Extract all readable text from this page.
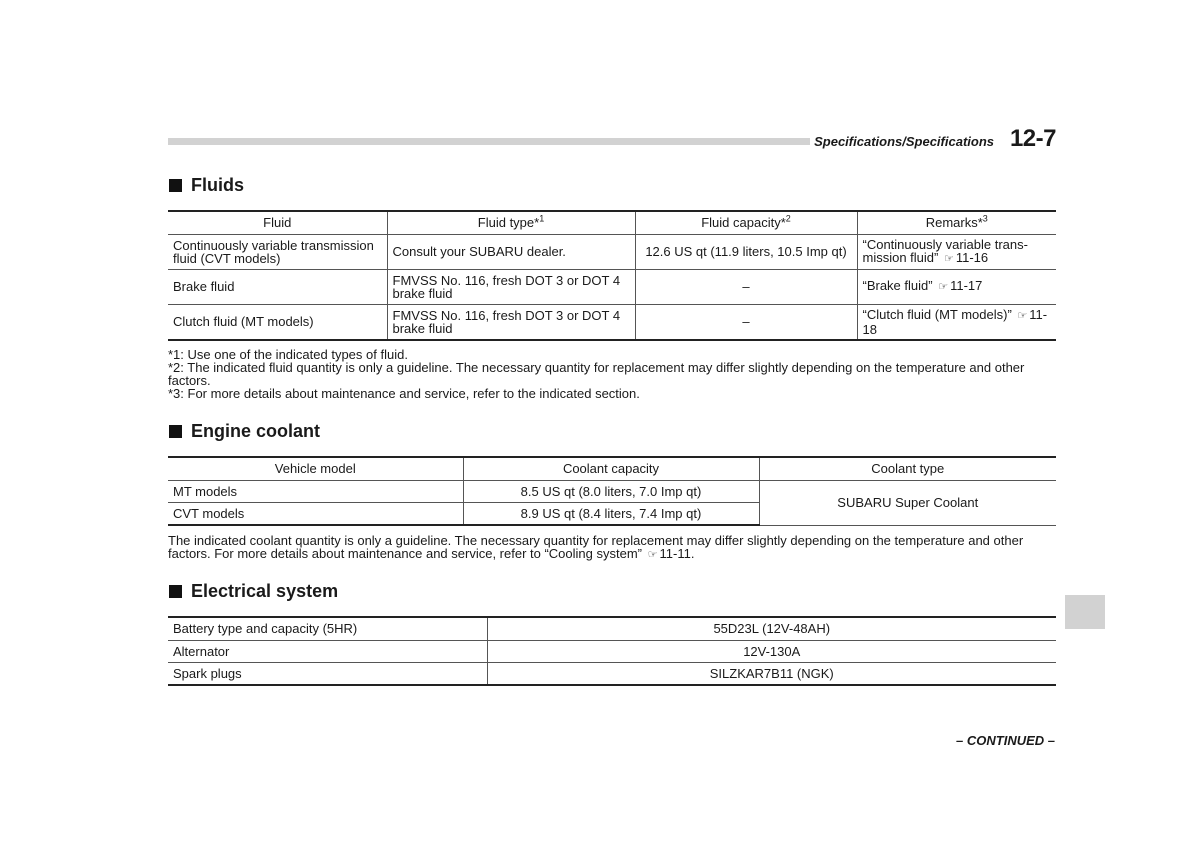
Specifications/Specifications 12-7
Fluids
Fluid	Fluid type*$^1$	Fluid capacity*$^2$	Remarks*$^3$
Continuously variable transmission fluid (CVT models)	Consult your SUBARU dealer.	12.6 US qt (11.9 liters, 10.5 Imp qt)	“Continuously variable trans-mission fluid” ☞ 11-16
Brake fluid	FMVSS No. 116, fresh DOT 3 or DOT 4 brake fluid	–	“Brake fluid” ☞ 11-17
Clutch fluid (MT models)	FMVSS No. 116, fresh DOT 3 or DOT 4 brake fluid	–	“Clutch fluid (MT models)” ☞ 11-18

*1: Use one of the indicated types of fluid.

*2: The indicated fluid quantity is only a guideline. The necessary quantity for replacement may differ slightly depending on the temperature and other factors.

*3: For more details about maintenance and service, refer to the indicated section.

Engine coolant
Vehicle model	Coolant capacity	Coolant type
MT models	8.5 US qt (8.0 liters, 7.0 Imp qt)	SUBARU Super Coolant
CVT models	8.9 US qt (8.4 liters, 7.4 Imp qt)	

The indicated coolant quantity is only a guideline. The necessary quantity for replacement may differ slightly depending on the temperature and other factors. For more details about maintenance and service, refer to “Cooling system” ☞ 11-11.

Electrical system
Battery type and capacity (5HR)	55D23L (12V-48AH)
Alternator	12V-130A
Spark plugs	SILZKAR7B11 (NGK)
– CONTINUED –
